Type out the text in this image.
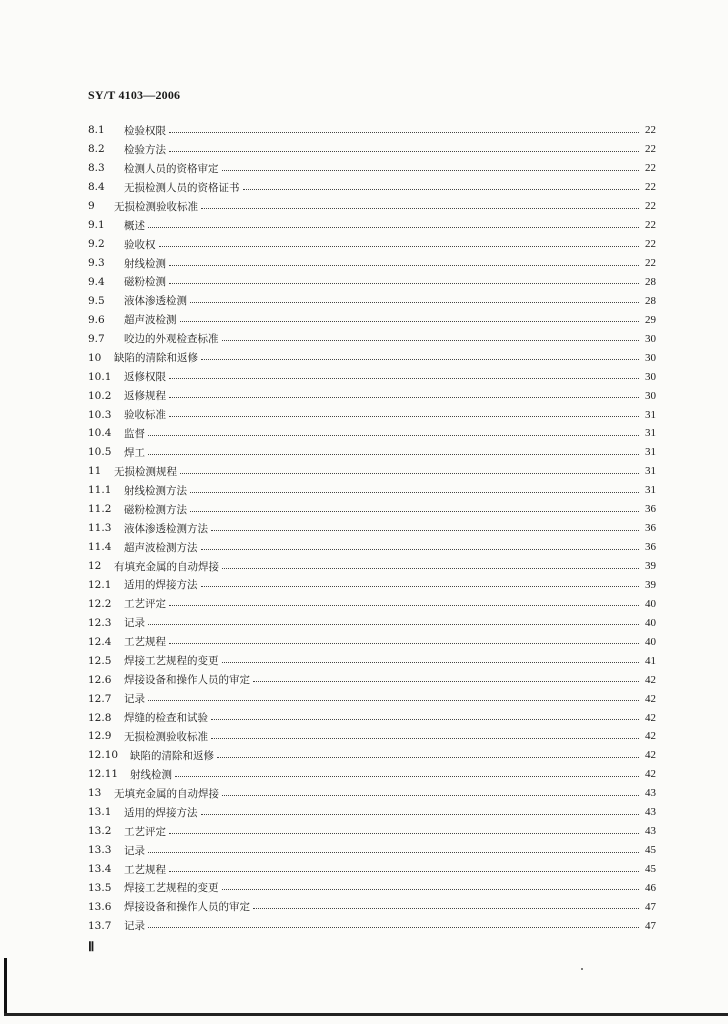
SY/T 4103—2006
8.1	检验权限	22
8.2	检验方法	22
8.3	检测人员的资格审定	22
8.4	无损检测人员的资格证书	22
9	无损检测验收标准	22
9.1	概述	22
9.2	验收权	22
9.3	射线检测	22
9.4	磁粉检测	28
9.5	液体渗透检测	28
9.6	超声波检测	29
9.7	咬边的外观检查标准	30
10	缺陷的清除和返修	30
10.1	返修权限	30
10.2	返修规程	30
10.3	验收标准	31
10.4	监督	31
10.5	焊工	31
11	无损检测规程	31
11.1	射线检测方法	31
11.2	磁粉检测方法	36
11.3	液体渗透检测方法	36
11.4	超声波检测方法	36
12	有填充金属的自动焊接	39
12.1	适用的焊接方法	39
12.2	工艺评定	40
12.3	记录	40
12.4	工艺规程	40
12.5	焊接工艺规程的变更	41
12.6	焊接设备和操作人员的审定	42
12.7	记录	42
12.8	焊缝的检查和试验	42
12.9	无损检测验收标准	42
12.10	缺陷的清除和返修	42
12.11	射线检测	42
13	无填充金属的自动焊接	43
13.1	适用的焊接方法	43
13.2	工艺评定	43
13.3	记录	45
13.4	工艺规程	45
13.5	焊接工艺规程的变更	46
13.6	焊接设备和操作人员的审定	47
13.7	记录	47
Ⅱ
